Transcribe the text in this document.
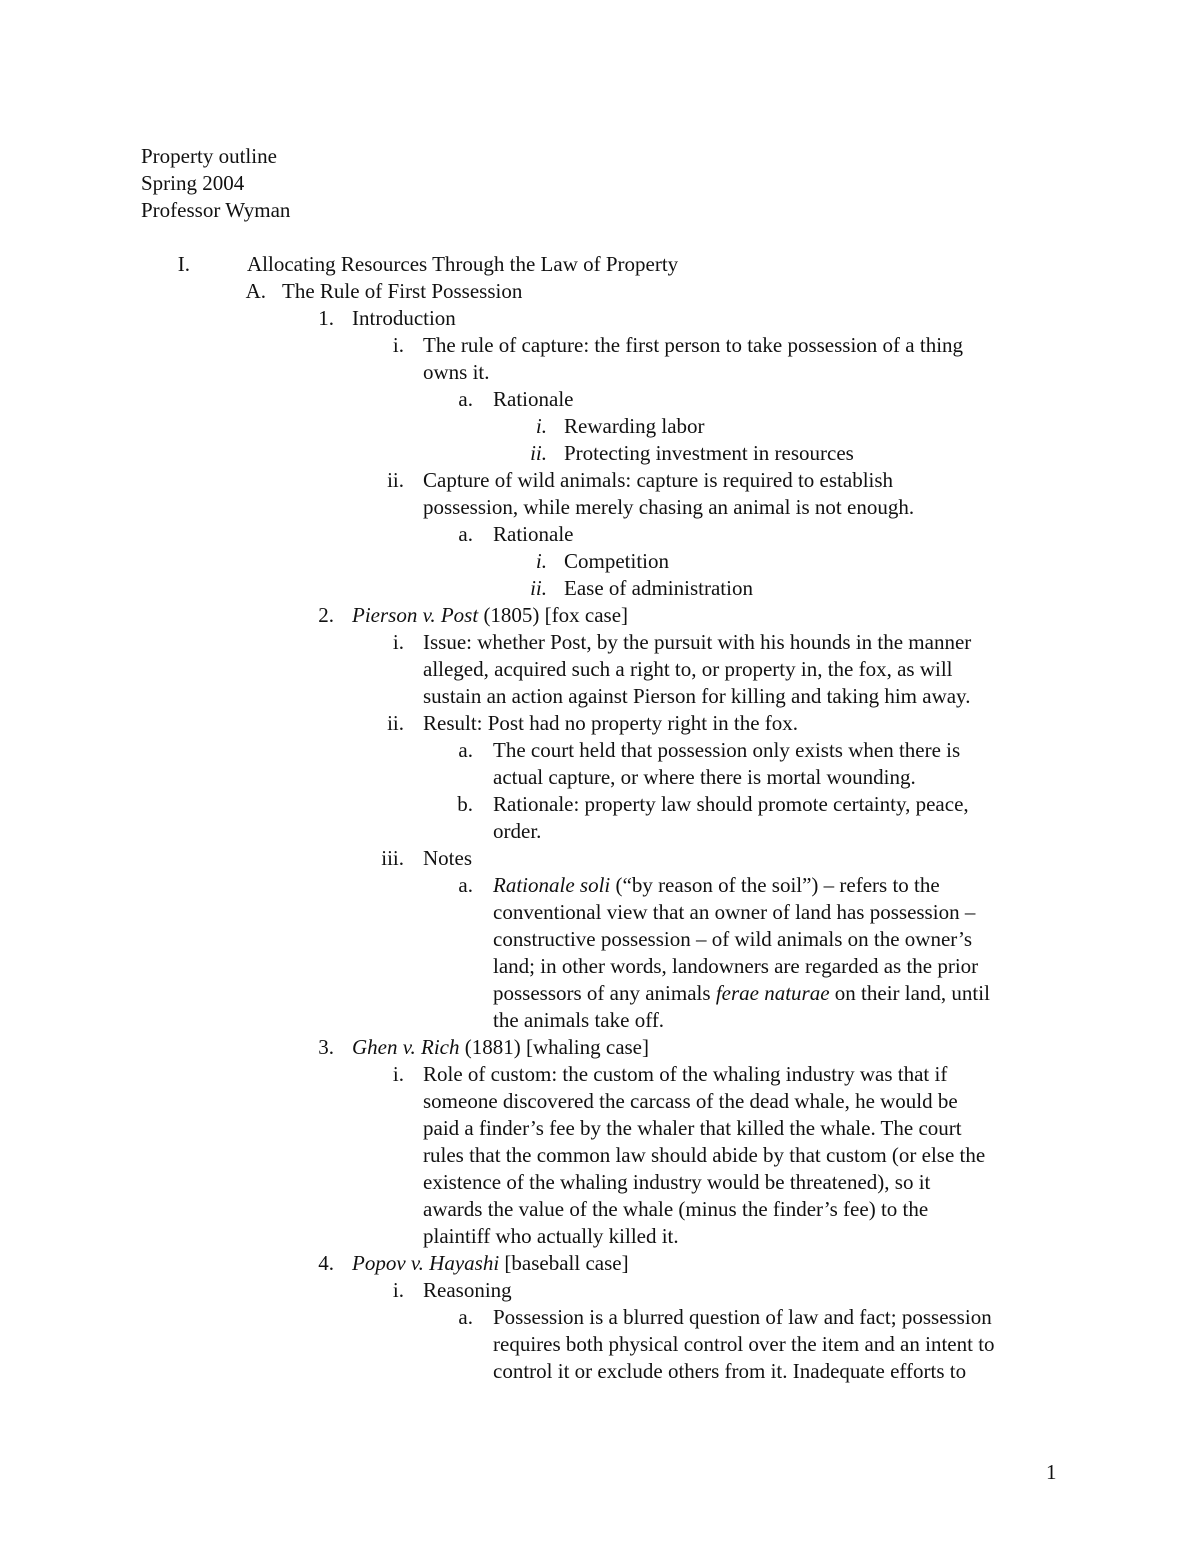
Property outline
Spring 2004
Professor Wyman
I.	Allocating Resources Through the Law of Property
A. The Rule of First Possession
1. Introduction
i. The rule of capture: the first person to take possession of a thing
owns it.
a. Rationale
i. Rewarding labor
ii. Protecting investment in resources
ii. Capture of wild animals: capture is required to establish
possession, while merely chasing an animal is not enough.
a. Rationale
i. Competition
ii. Ease of administration
2. Pierson v. Post (1805) [fox case]
i. Issue: whether Post, by the pursuit with his hounds in the manner
alleged, acquired such a right to, or property in, the fox, as will
sustain an action against Pierson for killing and taking him away.
ii. Result: Post had no property right in the fox.
a. The court held that possession only exists when there is
actual capture, or where there is mortal wounding.
b. Rationale: property law should promote certainty, peace,
order.
iii. Notes
a. Rationale soli (“by reason of the soil”) – refers to the
conventional view that an owner of land has possession –
constructive possession – of wild animals on the owner’s
land; in other words, landowners are regarded as the prior
possessors of any animals ferae naturae on their land, until
the animals take off.
3. Ghen v. Rich (1881) [whaling case]
i. Role of custom: the custom of the whaling industry was that if
someone discovered the carcass of the dead whale, he would be
paid a finder’s fee by the whaler that killed the whale. The court
rules that the common law should abide by that custom (or else the
existence of the whaling industry would be threatened), so it
awards the value of the whale (minus the finder’s fee) to the
plaintiff who actually killed it.
4. Popov v. Hayashi [baseball case]
i. Reasoning
a. Possession is a blurred question of law and fact; possession
requires both physical control over the item and an intent to
control it or exclude others from it. Inadequate efforts to
1
